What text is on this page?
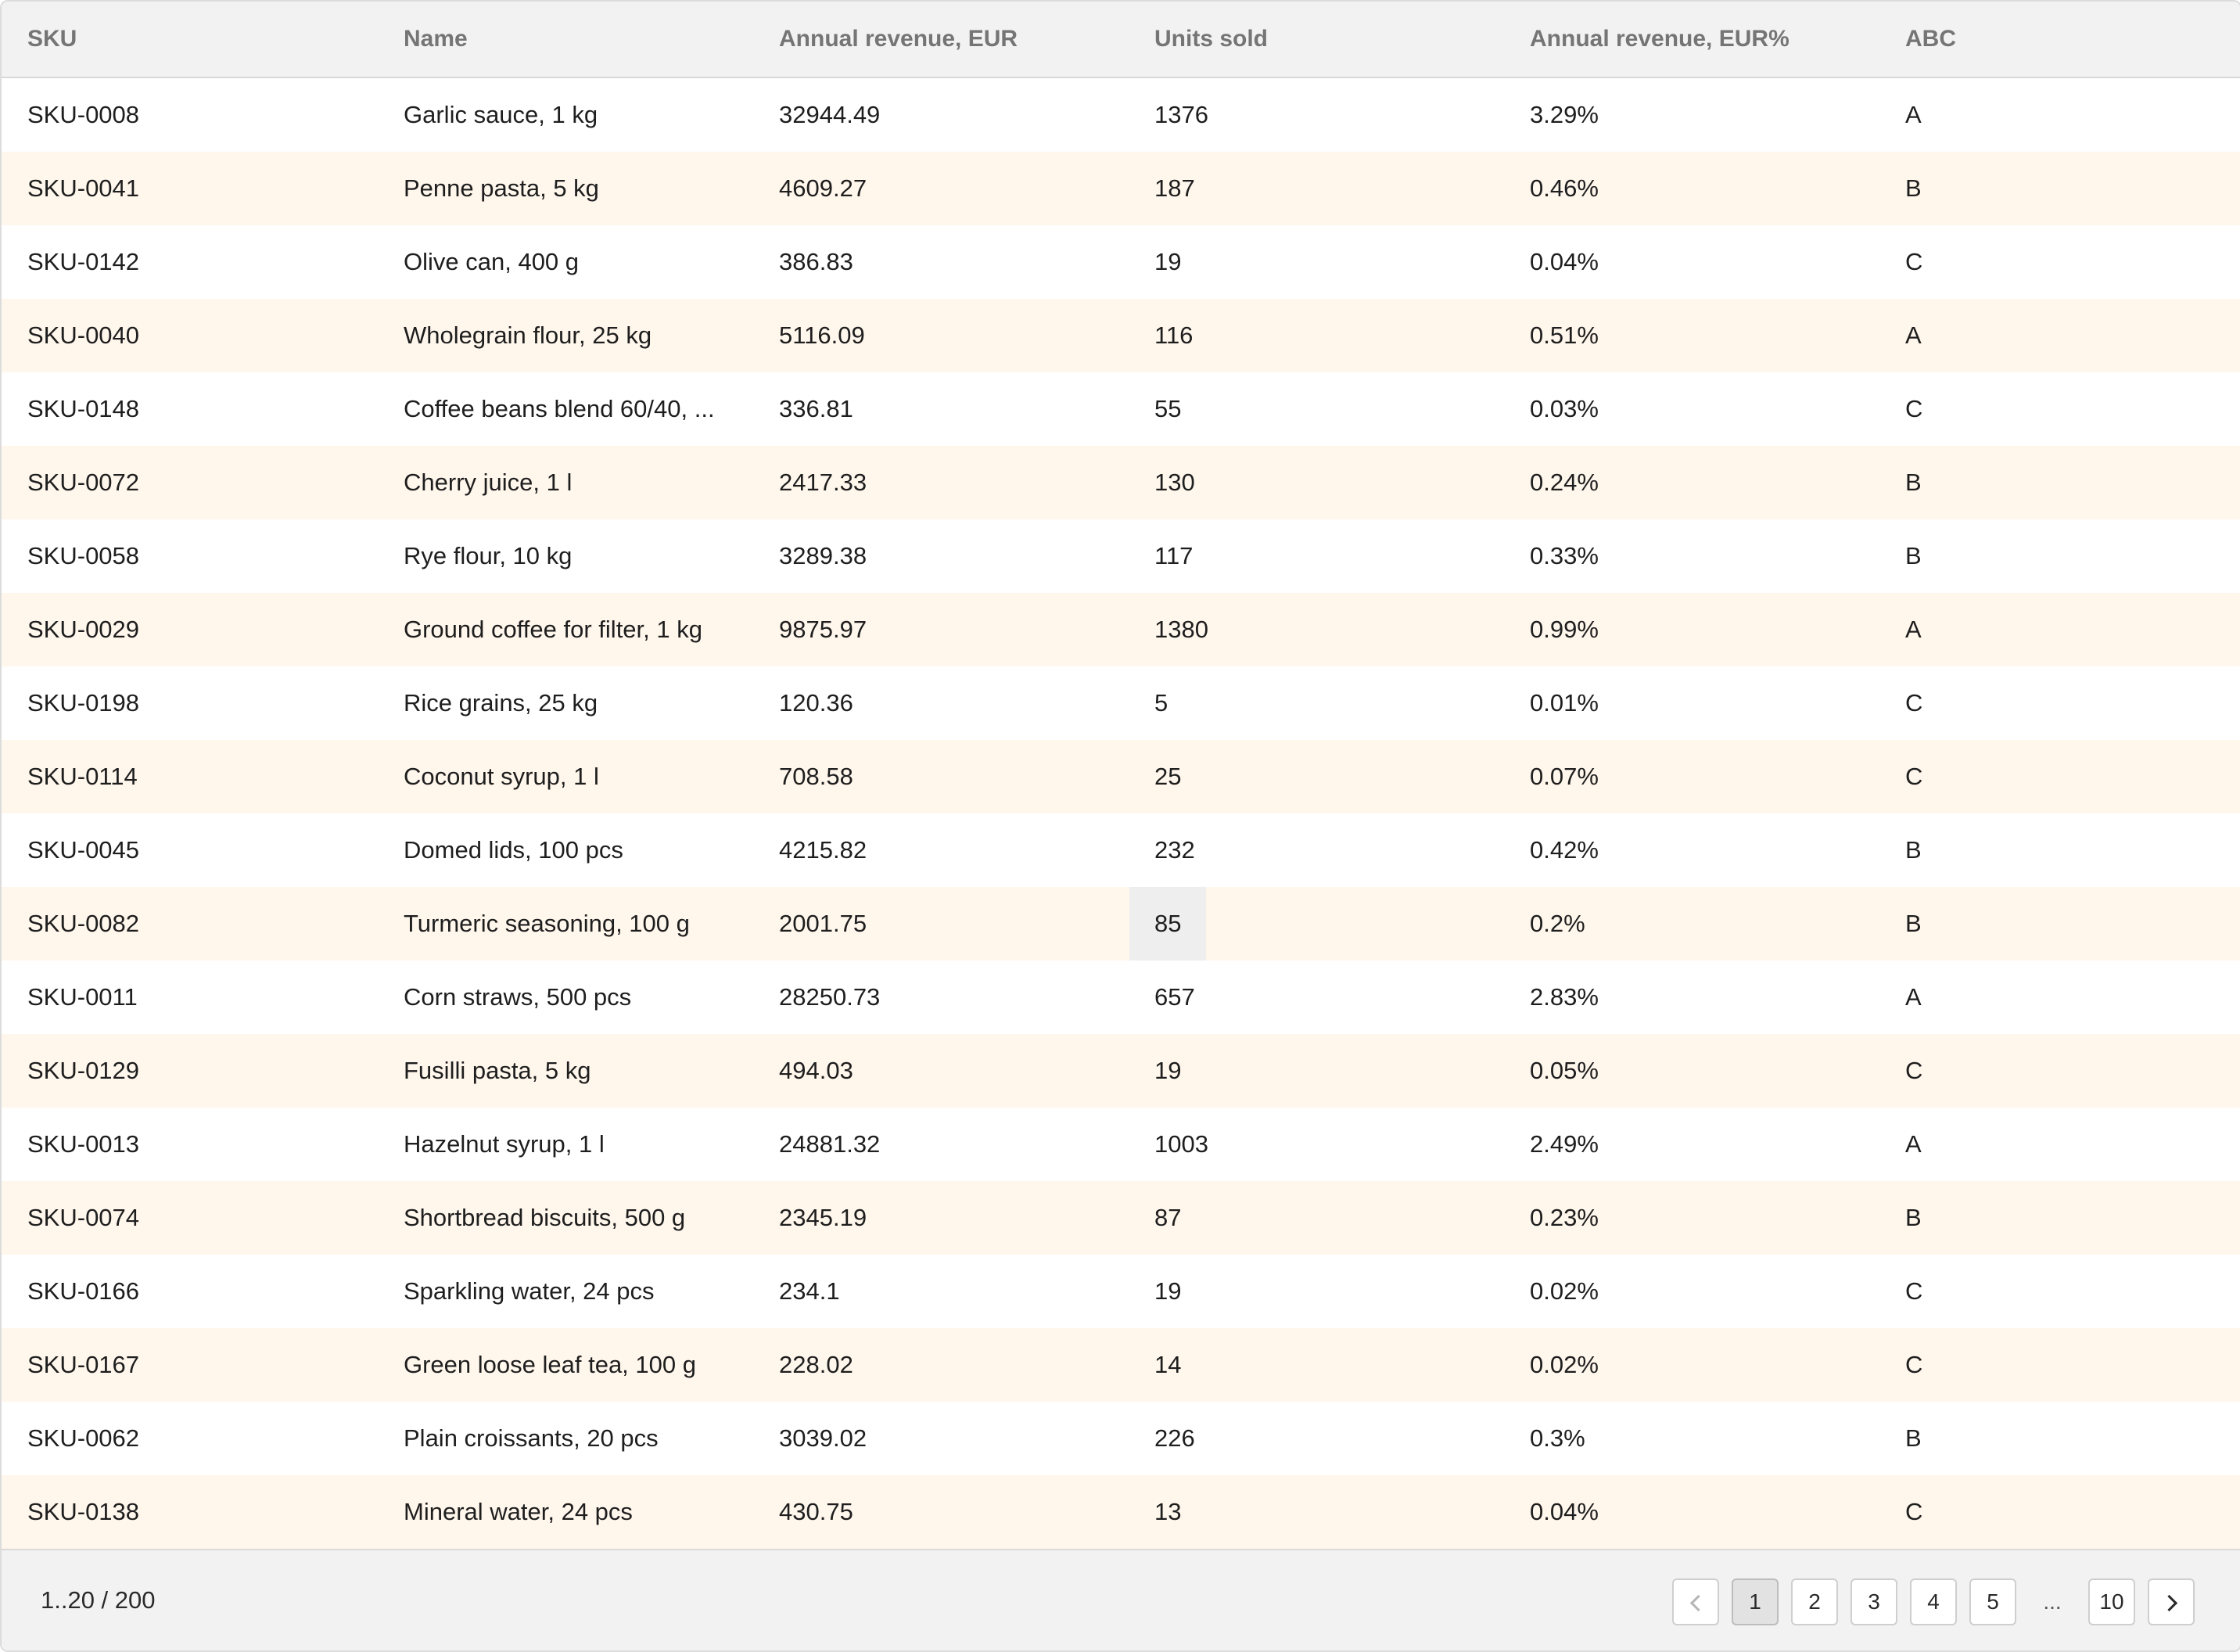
SKU	Name	Annual revenue, EUR	Units sold	Annual revenue, EUR%	ABC
SKU-0008	Garlic sauce, 1 kg	32944.49	1376	3.29%	A
SKU-0041	Penne pasta, 5 kg	4609.27	187	0.46%	B
SKU-0142	Olive can, 400 g	386.83	19	0.04%	C
SKU-0040	Wholegrain flour, 25 kg	5116.09	116	0.51%	A
SKU-0148	Coffee beans blend 60/40, ...	336.81	55	0.03%	C
SKU-0072	Cherry juice, 1 l	2417.33	130	0.24%	B
SKU-0058	Rye flour, 10 kg	3289.38	117	0.33%	B
SKU-0029	Ground coffee for filter, 1 kg	9875.97	1380	0.99%	A
SKU-0198	Rice grains, 25 kg	120.36	5	0.01%	C
SKU-0114	Coconut syrup, 1 l	708.58	25	0.07%	C
SKU-0045	Domed lids, 100 pcs	4215.82	232	0.42%	B
SKU-0082	Turmeric seasoning, 100 g	2001.75	85	0.2%	B
SKU-0011	Corn straws, 500 pcs	28250.73	657	2.83%	A
SKU-0129	Fusilli pasta, 5 kg	494.03	19	0.05%	C
SKU-0013	Hazelnut syrup, 1 l	24881.32	1003	2.49%	A
SKU-0074	Shortbread biscuits, 500 g	2345.19	87	0.23%	B
SKU-0166	Sparkling water, 24 pcs	234.1	19	0.02%	C
SKU-0167	Green loose leaf tea, 100 g	228.02	14	0.02%	C
SKU-0062	Plain croissants, 20 pcs	3039.02	226	0.3%	B
SKU-0138	Mineral water, 24 pcs	430.75	13	0.04%	C
1..20 / 200	1	2	3	4	5	...	10
